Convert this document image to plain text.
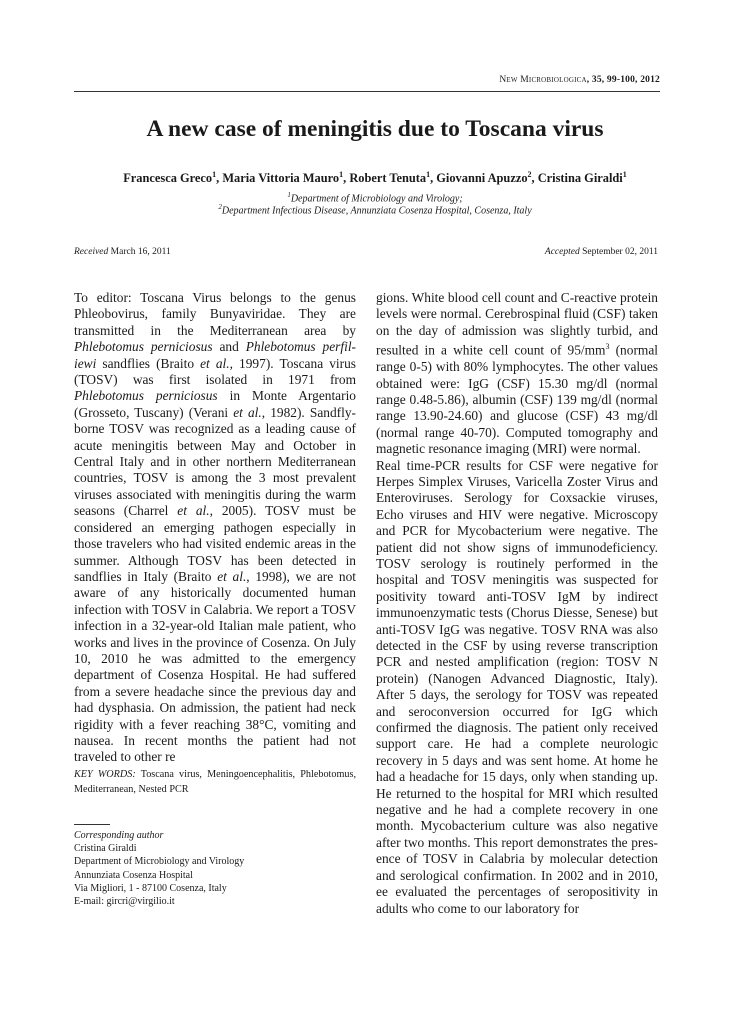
New Microbiologica, 35, 99-100, 2012
A new case of meningitis due to Toscana virus
Francesca Greco$^1$, Maria Vittoria Mauro$^1$, Robert Tenuta$^1$, Giovanni Apuzzo$^2$, Cristina Giraldi$^1$
$^1$Department of Microbiology and Virology;
$^2$Department Infectious Disease, Annunziata Cosenza Hospital, Cosenza, Italy
Received March 16, 2011	Accepted September 02, 2011

To editor: Toscana Virus belongs to the genus Phleobovirus, family Bunyaviridae. They are transmitted in the Mediterranean area by Phlebotomus perniciosus and Phlebotomus perfiliewi sandflies (Braito et al., 1997). Toscana virus (TOSV) was first isolated in 1971 from Phlebotomus perniciosus in Monte Argentario (Grosseto, Tuscany) (Verani et al., 1982). Sandflyborne TOSV was recognized as a leading cause of acute meningitis between May and October in Central Italy and in other northern Mediterranean countries, TOSV is among the 3 most prevalent viruses associated with meningitis during the warm seasons (Charrel et al., 2005). TOSV must be considered an emerging pathogen especially in those travelers who had visited endemic areas in the summer. Although TOSV has been detected in sandflies in Italy (Braito et al., 1998), we are not aware of any historically documented human infection with TOSV in Calabria. We report a TOSV infection in a 32-year-old Italian male patient, who works and lives in the province of Cosenza. On July 10, 2010 he was admitted to the emergency department of Cosenza Hospital. He had suffered from a severe headache since the previous day and had dysphasia. On admission, the patient had neck rigidity with a fever reaching 38°C, vomiting and nausea. In recent months the patient had not traveled to other re

KEY WORDS: Toscana virus, Meningoencephalitis, Phlebotomus, Mediterranean, Nested PCR
Corresponding author
Cristina Giraldi
Department of Microbiology and Virology
Annunziata Cosenza Hospital
Via Migliori, 1 - 87100 Cosenza, Italy
E-mail: gircri@virgilio.it

gions. White blood cell count and C-reactive protein levels were normal. Cerebrospinal fluid (CSF) taken on the day of admission was slightly turbid, and resulted in a white cell count of $95/mm^3$ (normal range 0-5) with 80% lymphocytes. The other values obtained were: IgG (CSF) 15.30 mg/dl (normal range 0.48-5.86), albumin (CSF) 139 mg/dl (normal range 13.90-24.60) and glucose (CSF) 43 mg/dl (normal range 40-70). Computed tomography and magnetic resonance imaging (MRI) were normal.

Real time-PCR results for CSF were negative for Herpes Simplex Viruses, Varicella Zoster Virus and Enteroviruses. Serology for Coxsackie viruses, Echo viruses and HIV were negative. Microscopy and PCR for Mycobacterium were negative. The patient did not show signs of immunodeficiency. TOSV serology is routinely performed in the hospital and TOSV meningitis was suspected for positivity toward anti-TOSV IgM by indirect immunoenzymatic tests (Chorus Diesse, Senese) but anti-TOSV IgG was negative. TOSV RNA was also detected in the CSF by using reverse transcription PCR and nested amplification (region: TOSV N protein) (Nanogen Advanced Diagnostic, Italy). After 5 days, the serology for TOSV was repeated and seroconversion occurred for IgG which confirmed the diagnosis. The patient only received support care. He had a complete neurologic recovery in 5 days and was sent home. At home he had a headache for 15 days, only when standing up. He returned to the hospital for MRI which resulted negative and he had a complete recovery in one month. Mycobacterium culture was also negative after two months. This report demonstrates the presence of TOSV in Calabria by molecular detection and serological confirmation. In 2002 and in 2010, ee evaluated the percentages of seropositivity in adults who come to our laboratory for
